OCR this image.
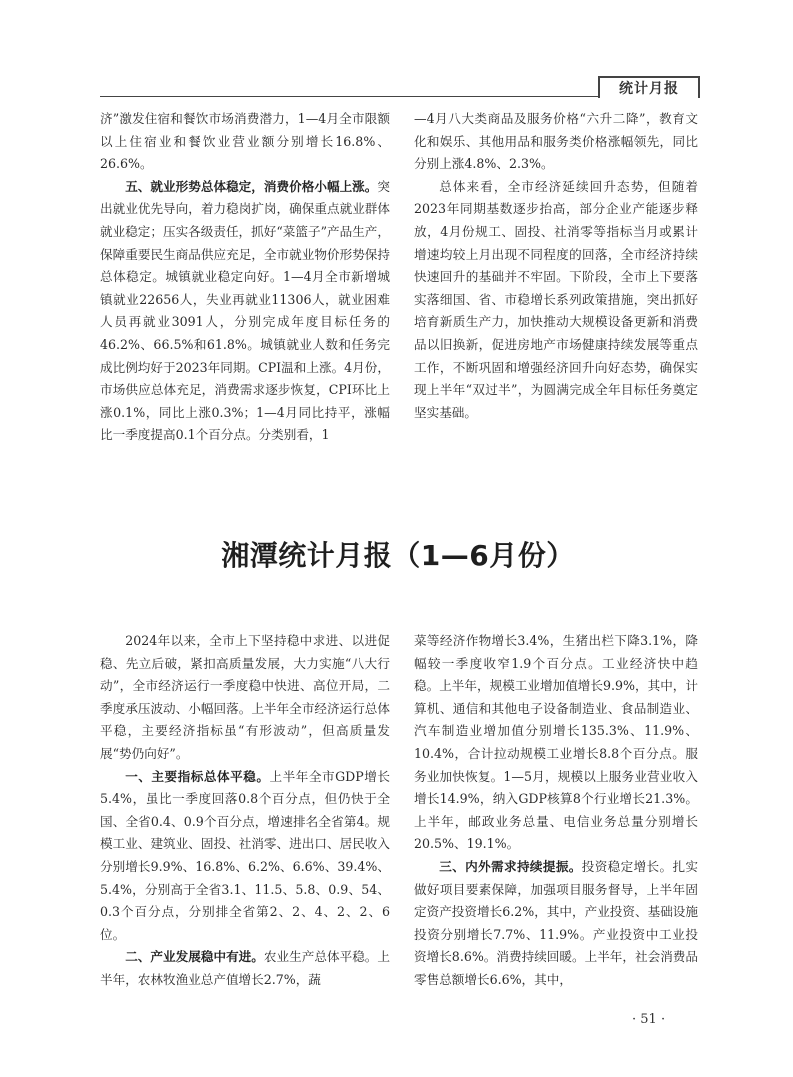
统计月报

济”激发住宿和餐饮市场消费潜力，1—4月全市限额以上住宿业和餐饮业营业额分别增长16.8%、26.6%。

五、就业形势总体稳定，消费价格小幅上涨。突出就业优先导向，着力稳岗扩岗，确保重点就业群体就业稳定；压实各级责任，抓好“菜篮子”产品生产，保障重要民生商品供应充足，全市就业物价形势保持总体稳定。城镇就业稳定向好。1—4月全市新增城镇就业22656人，失业再就业11306人，就业困难人员再就业3091人，分别完成年度目标任务的46.2%、66.5%和61.8%。城镇就业人数和任务完成比例均好于2023年同期。CPI温和上涨。4月份，市场供应总体充足，消费需求逐步恢复，CPI环比上涨0.1%，同比上涨0.3%；1—4月同比持平，涨幅比一季度提高0.1个百分点。分类别看，1

—4月八大类商品及服务价格“六升二降”，教育文化和娱乐、其他用品和服务类价格涨幅领先，同比分别上涨4.8%、2.3%。

总体来看，全市经济延续回升态势，但随着2023年同期基数逐步抬高，部分企业产能逐步释放，4月份规工、固投、社消零等指标当月或累计增速均较上月出现不同程度的回落，全市经济持续快速回升的基础并不牢固。下阶段，全市上下要落实落细国、省、市稳增长系列政策措施，突出抓好培育新质生产力，加快推动大规模设备更新和消费品以旧换新，促进房地产市场健康持续发展等重点工作，不断巩固和增强经济回升向好态势，确保实现上半年“双过半”，为圆满完成全年目标任务奠定坚实基础。

湘潭统计月报（1—6月份）

2024年以来，全市上下坚持稳中求进、以进促稳、先立后破，紧扣高质量发展，大力实施“八大行动”，全市经济运行一季度稳中快进、高位开局，二季度承压波动、小幅回落。上半年全市经济运行总体平稳，主要经济指标虽“有形波动”，但高质量发展“势仍向好”。

一、主要指标总体平稳。上半年全市GDP增长5.4%，虽比一季度回落0.8个百分点，但仍快于全国、全省0.4、0.9个百分点，增速排名全省第4。规模工业、建筑业、固投、社消零、进出口、居民收入分别增长9.9%、16.8%、6.2%、6.6%、39.4%、5.4%，分别高于全省3.1、11.5、5.8、0.9、54、0.3个百分点，分别排全省第2、2、4、2、2、6位。

二、产业发展稳中有进。农业生产总体平稳。上半年，农林牧渔业总产值增长2.7%，蔬

菜等经济作物增长3.4%，生猪出栏下降3.1%，降幅较一季度收窄1.9个百分点。工业经济快中趋稳。上半年，规模工业增加值增长9.9%，其中，计算机、通信和其他电子设备制造业、食品制造业、汽车制造业增加值分别增长135.3%、11.9%、10.4%，合计拉动规模工业增长8.8个百分点。服务业加快恢复。1—5月，规模以上服务业营业收入增长14.9%，纳入GDP核算8个行业增长21.3%。上半年，邮政业务总量、电信业务总量分别增长20.5%、19.1%。

三、内外需求持续提振。投资稳定增长。扎实做好项目要素保障，加强项目服务督导，上半年固定资产投资增长6.2%，其中，产业投资、基础设施投资分别增长7.7%、11.9%。产业投资中工业投资增长8.6%。消费持续回暖。上半年，社会消费品零售总额增长6.6%，其中，

· 51 ·
